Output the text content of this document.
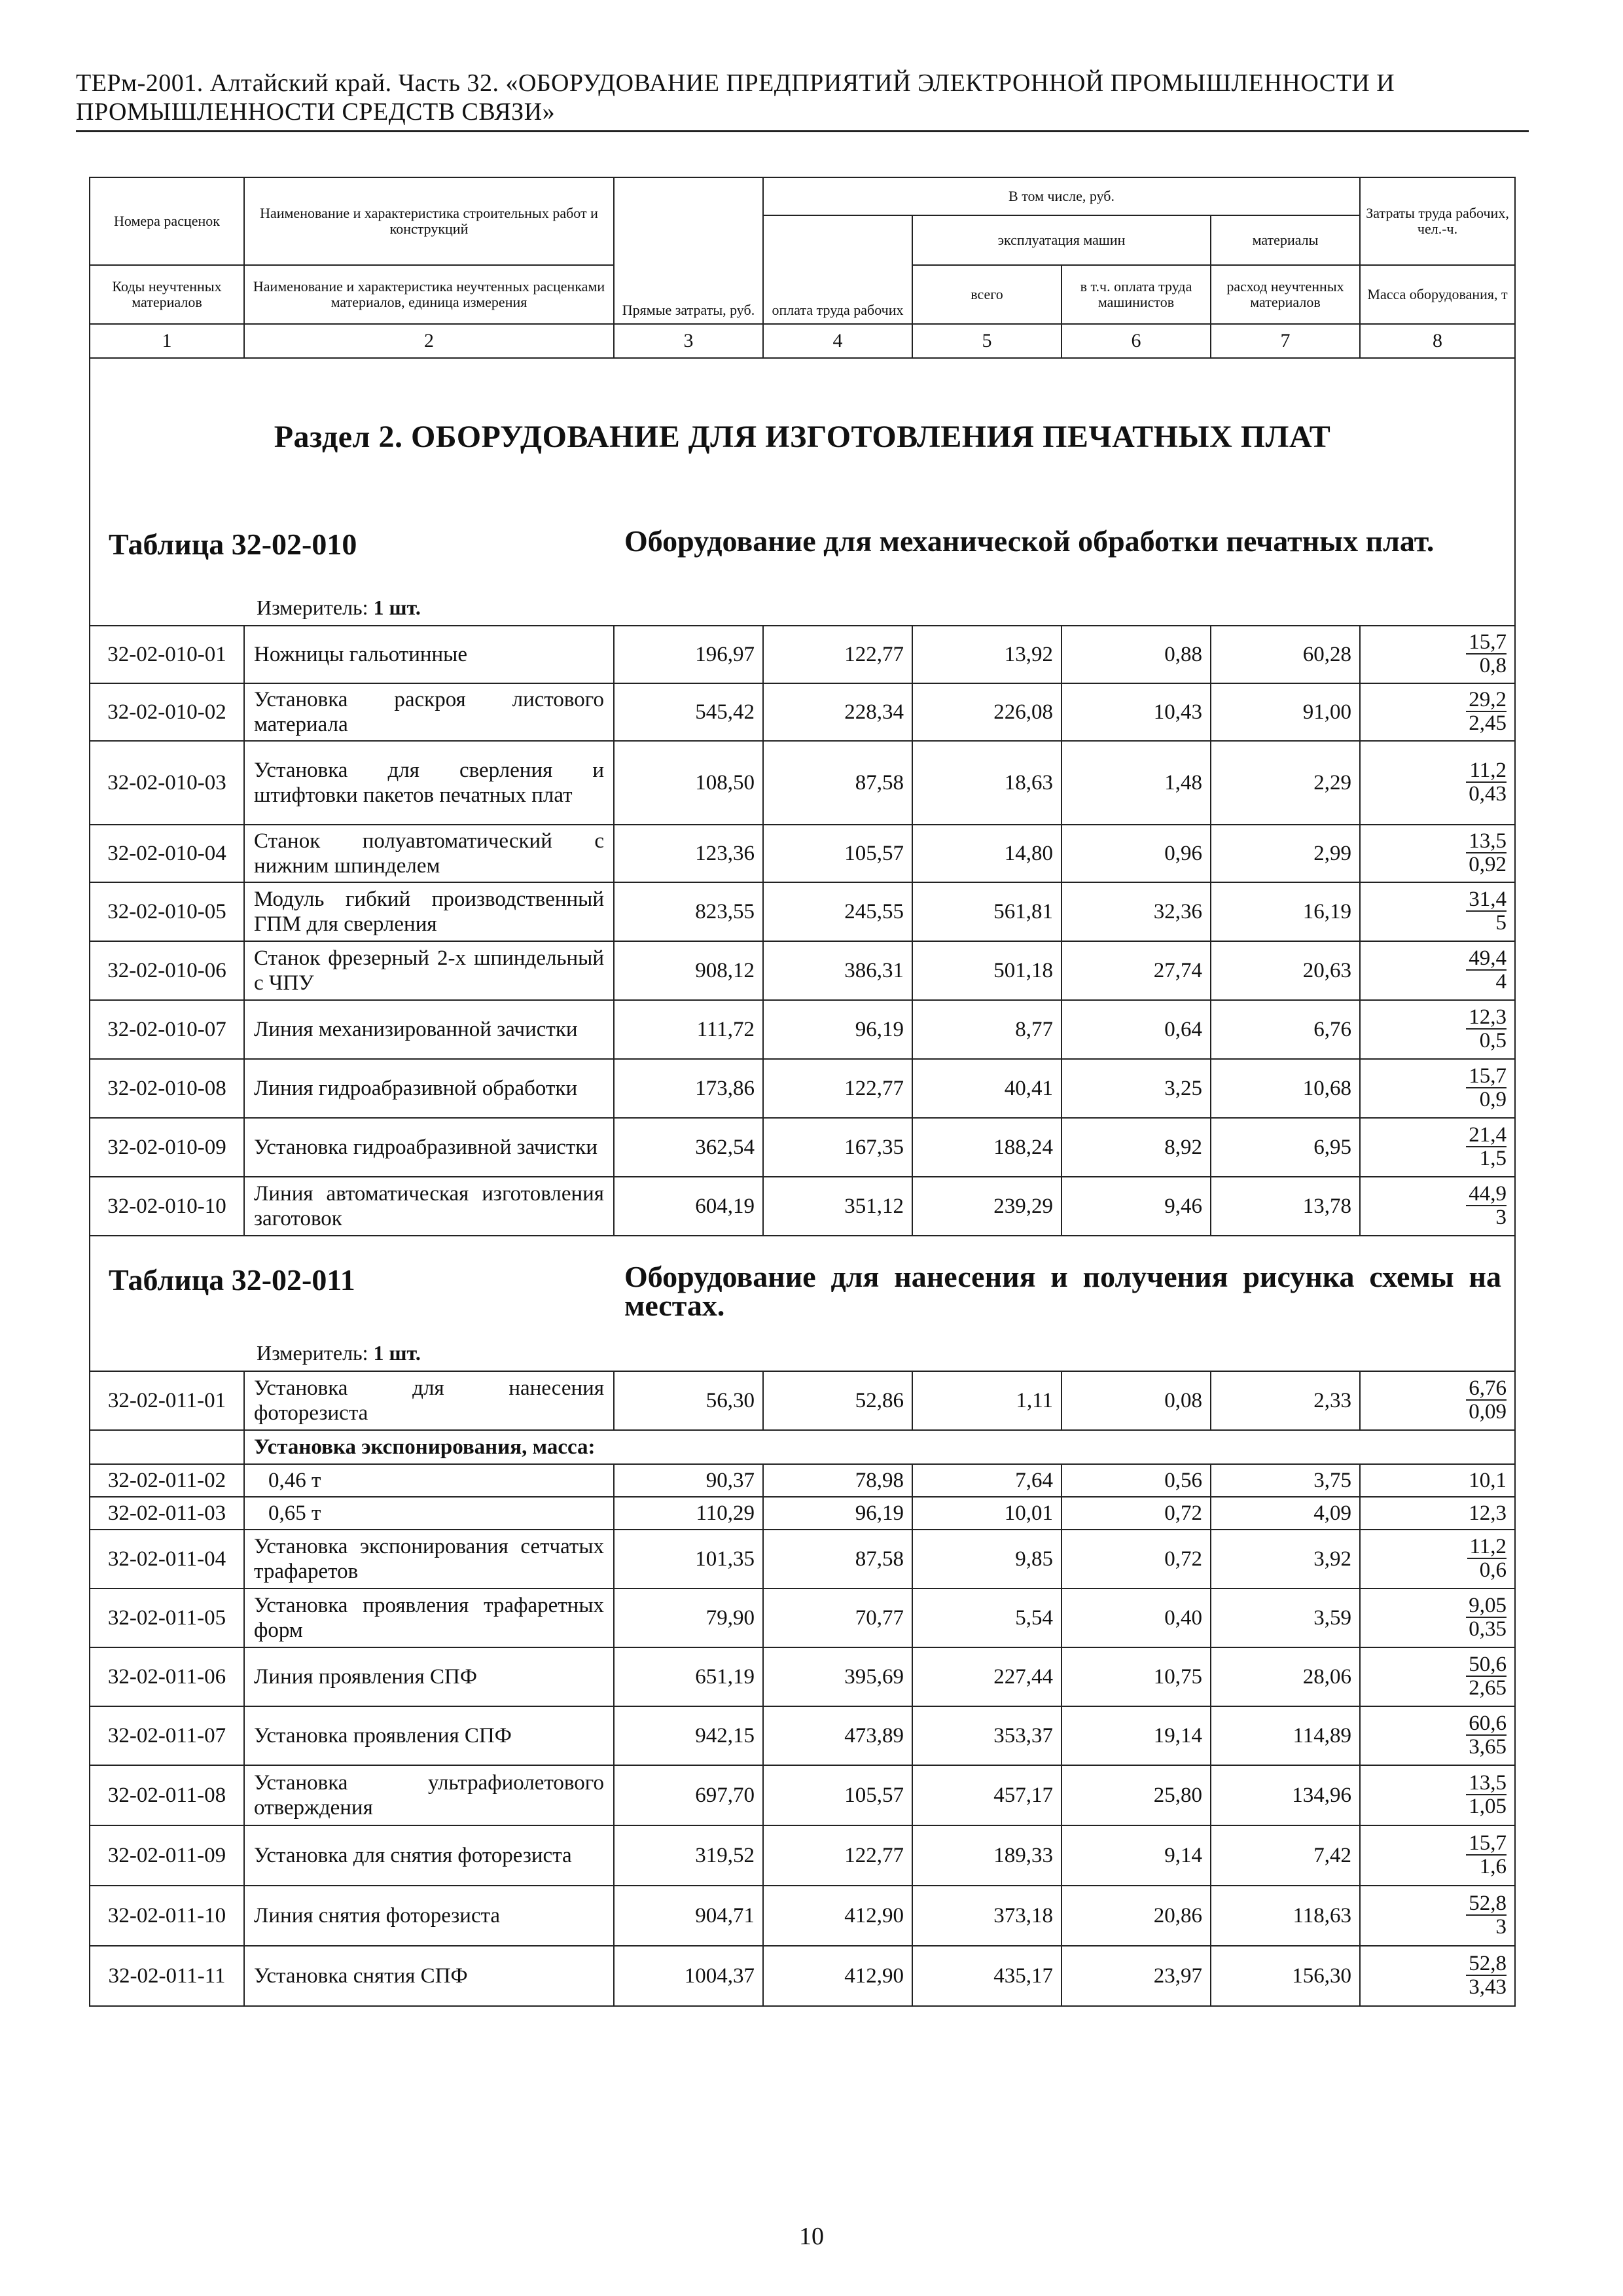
ТЕРм-2001. Алтайский край. Часть 32. «ОБОРУДОВАНИЕ ПРЕДПРИЯТИЙ ЭЛЕКТРОННОЙ ПРОМЫШЛЕННОСТИ И
ПРОМЫШЛЕННОСТИ СРЕДСТВ СВЯЗИ»
Номера расценок	Наименование и характеристика строительных работ и конструкций	Прямые затраты, руб.	В том числе, руб.				Затраты труда рабочих, чел.-ч.
			оплата труда рабочих	эксплуатация машин		материалы	
Коды неучтенных материалов	Наименование и характеристика неучтенных расценками материалов, единица измерения			всего	в т.ч. оплата труда машинистов	расход неучтенных материалов	Масса оборудования, т
1	2	3	4	5	6	7	8

Раздел 2. ОБОРУДОВАНИЕ ДЛЯ ИЗГОТОВЛЕНИЯ ПЕЧАТНЫХ ПЛАТ
Таблица 32-02-010 Оборудование для механической обработки печатных плат.
Измеритель: 1 шт.							

32-02-010-01	Ножницы гальотинные	196,97	122,77	13,92	0,88	60,28	$\frac{15,7}{0,8}$

32-02-010-02	Установка раскроя листового материала	545,42	228,34	226,08	10,43	91,00	$\frac{29,2}{2,45}$

32-02-010-03	Установка для сверления и штифтовки пакетов печатных плат	108,50	87,58	18,63	1,48	2,29	$\frac{11,2}{0,43}$

32-02-010-04	Станок полуавтоматический с нижним шпинделем	123,36	105,57	14,80	0,96	2,99	$\frac{13,5}{0,92}$

32-02-010-05	Модуль гибкий производственный ГПМ для сверления	823,55	245,55	561,81	32,36	16,19	$\frac{31,4}{5}$

32-02-010-06	Станок фрезерный 2-х шпиндельный с ЧПУ	908,12	386,31	501,18	27,74	20,63	$\frac{49,4}{4}$

32-02-010-07	Линия механизированной зачистки	111,72	96,19	8,77	0,64	6,76	$\frac{12,3}{0,5}$

32-02-010-08	Линия гидроабразивной обработки	173,86	122,77	40,41	3,25	10,68	$\frac{15,7}{0,9}$

32-02-010-09	Установка гидроабразивной зачистки	362,54	167,35	188,24	8,92	6,95	$\frac{21,4}{1,5}$

32-02-010-10	Линия автоматическая изготовления заготовок	604,19	351,12	239,29	9,46	13,78	$\frac{44,9}{3}$

Таблица 32-02-011 Оборудование для нанесения и получения рисунка схемы на местах.
Измеритель: 1 шт.							

32-02-011-01	Установка для нанесения фоторезиста	56,30	52,86	1,11	0,08	2,33	$\frac{6,76}{0,09}$

	Установка экспонирования, масса:						
32-02-011-02	0,46 т	90,37	78,98	7,64	0,56	3,75	10,1
32-02-011-03	0,65 т	110,29	96,19	10,01	0,72	4,09	12,3
32-02-011-04	Установка экспонирования сетчатых трафаретов	101,35	87,58	9,85	0,72	3,92	$\frac{11,2}{0,6}$

32-02-011-05	Установка проявления трафаретных форм	79,90	70,77	5,54	0,40	3,59	$\frac{9,05}{0,35}$

32-02-011-06	Линия проявления СПФ	651,19	395,69	227,44	10,75	28,06	$\frac{50,6}{2,65}$

32-02-011-07	Установка проявления СПФ	942,15	473,89	353,37	19,14	114,89	$\frac{60,6}{3,65}$

32-02-011-08	Установка ультрафиолетового отверждения	697,70	105,57	457,17	25,80	134,96	$\frac{13,5}{1,05}$

32-02-011-09	Установка для снятия фоторезиста	319,52	122,77	189,33	9,14	7,42	$\frac{15,7}{1,6}$

32-02-011-10	Линия снятия фоторезиста	904,71	412,90	373,18	20,86	118,63	$\frac{52,8}{3}$

32-02-011-11	Установка снятия СПФ	1004,37	412,90	435,17	23,97	156,30	$\frac{52,8}{3,43}$
10
